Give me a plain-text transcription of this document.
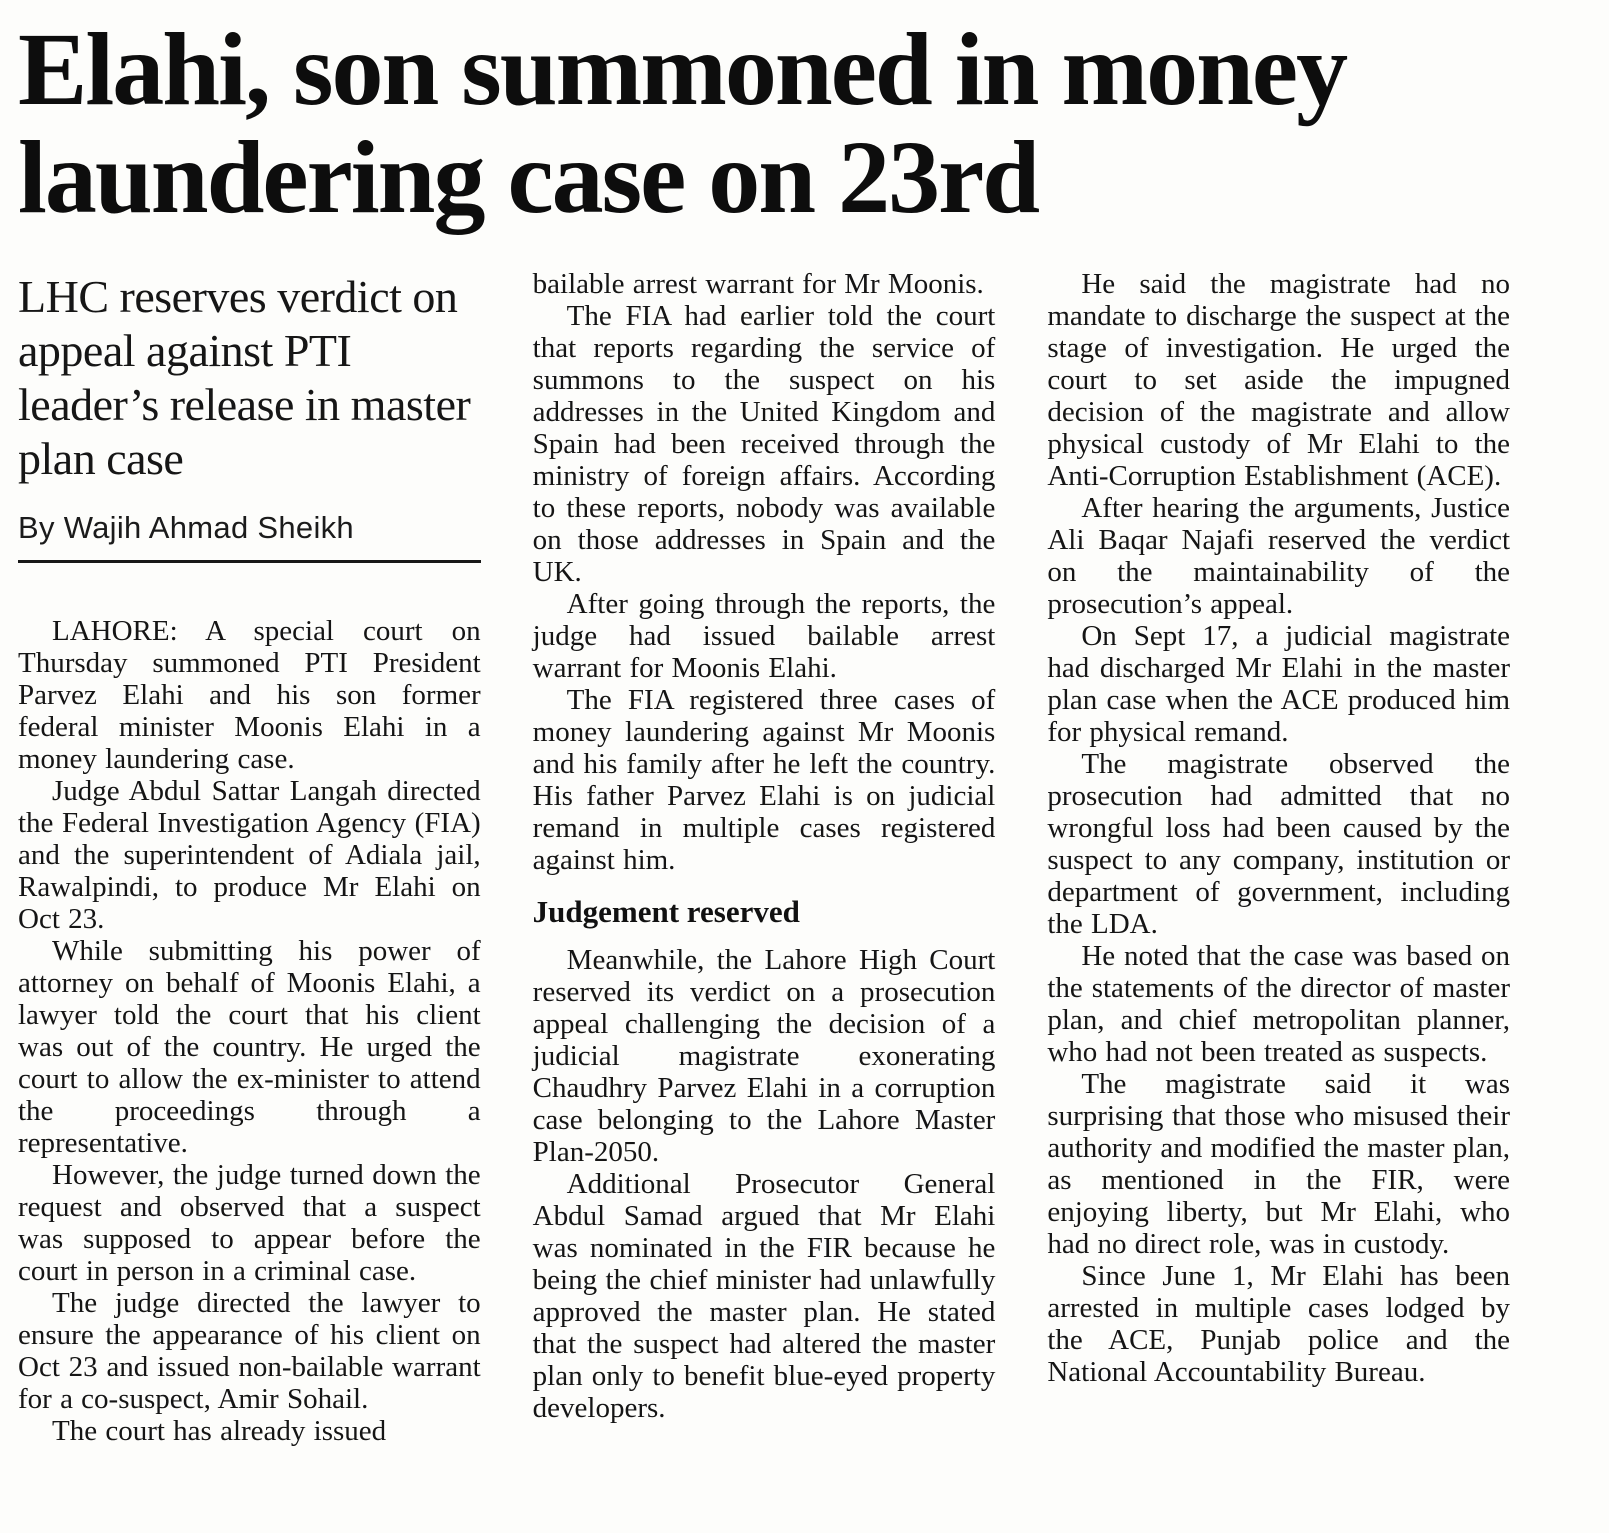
Elahi, son summoned in money laundering case on 23rd
LHC reserves verdict on appeal against PTI leader’s release in master plan case
By Wajih Ahmad Sheikh

LAHORE: A special court on Thursday summoned PTI President Parvez Elahi and his son former federal minister Moonis Elahi in a money laundering case.

Judge Abdul Sattar Langah directed the Federal Investigation Agency (FIA) and the superintendent of Adiala jail, Rawalpindi, to produce Mr Elahi on Oct 23.

While submitting his power of attorney on behalf of Moonis Elahi, a lawyer told the court that his client was out of the country. He urged the court to allow the ex-minister to attend the proceedings through a representative.

However, the judge turned down the request and observed that a suspect was supposed to appear before the court in person in a criminal case.

The judge directed the lawyer to ensure the appearance of his client on Oct 23 and issued non-bailable warrant for a co-suspect, Amir Sohail.

The court has already issued

bailable arrest warrant for Mr Moonis.

The FIA had earlier told the court that reports regarding the service of summons to the suspect on his addresses in the United Kingdom and Spain had been received through the ministry of foreign affairs. According to these reports, nobody was available on those addresses in Spain and the UK.

After going through the reports, the judge had issued bailable arrest warrant for Moonis Elahi.

The FIA registered three cases of money laundering against Mr Moonis and his family after he left the country. His father Parvez Elahi is on judicial remand in multiple cases registered against him.

Judgement reserved

Meanwhile, the Lahore High Court reserved its verdict on a prosecution appeal challenging the decision of a judicial magistrate exonerating Chaudhry Parvez Elahi in a corruption case belonging to the Lahore Master Plan-2050.

Additional Prosecutor General Abdul Samad argued that Mr Elahi was nominated in the FIR because he being the chief minister had unlawfully approved the master plan. He stated that the suspect had altered the master plan only to benefit blue-eyed property developers.

He said the magistrate had no mandate to discharge the suspect at the stage of investigation. He urged the court to set aside the impugned decision of the magistrate and allow physical custody of Mr Elahi to the Anti-Corruption Establishment (ACE).

After hearing the arguments, Justice Ali Baqar Najafi reserved the verdict on the maintainability of the prosecution’s appeal.

On Sept 17, a judicial magistrate had discharged Mr Elahi in the master plan case when the ACE produced him for physical remand.

The magistrate observed the prosecution had admitted that no wrongful loss had been caused by the suspect to any company, institution or department of government, including the LDA.

He noted that the case was based on the statements of the director of master plan, and chief metropolitan planner, who had not been treated as suspects.

The magistrate said it was surprising that those who misused their authority and modified the master plan, as mentioned in the FIR, were enjoying liberty, but Mr Elahi, who had no direct role, was in custody.

Since June 1, Mr Elahi has been arrested in multiple cases lodged by the ACE, Punjab police and the National Accountability Bureau.
